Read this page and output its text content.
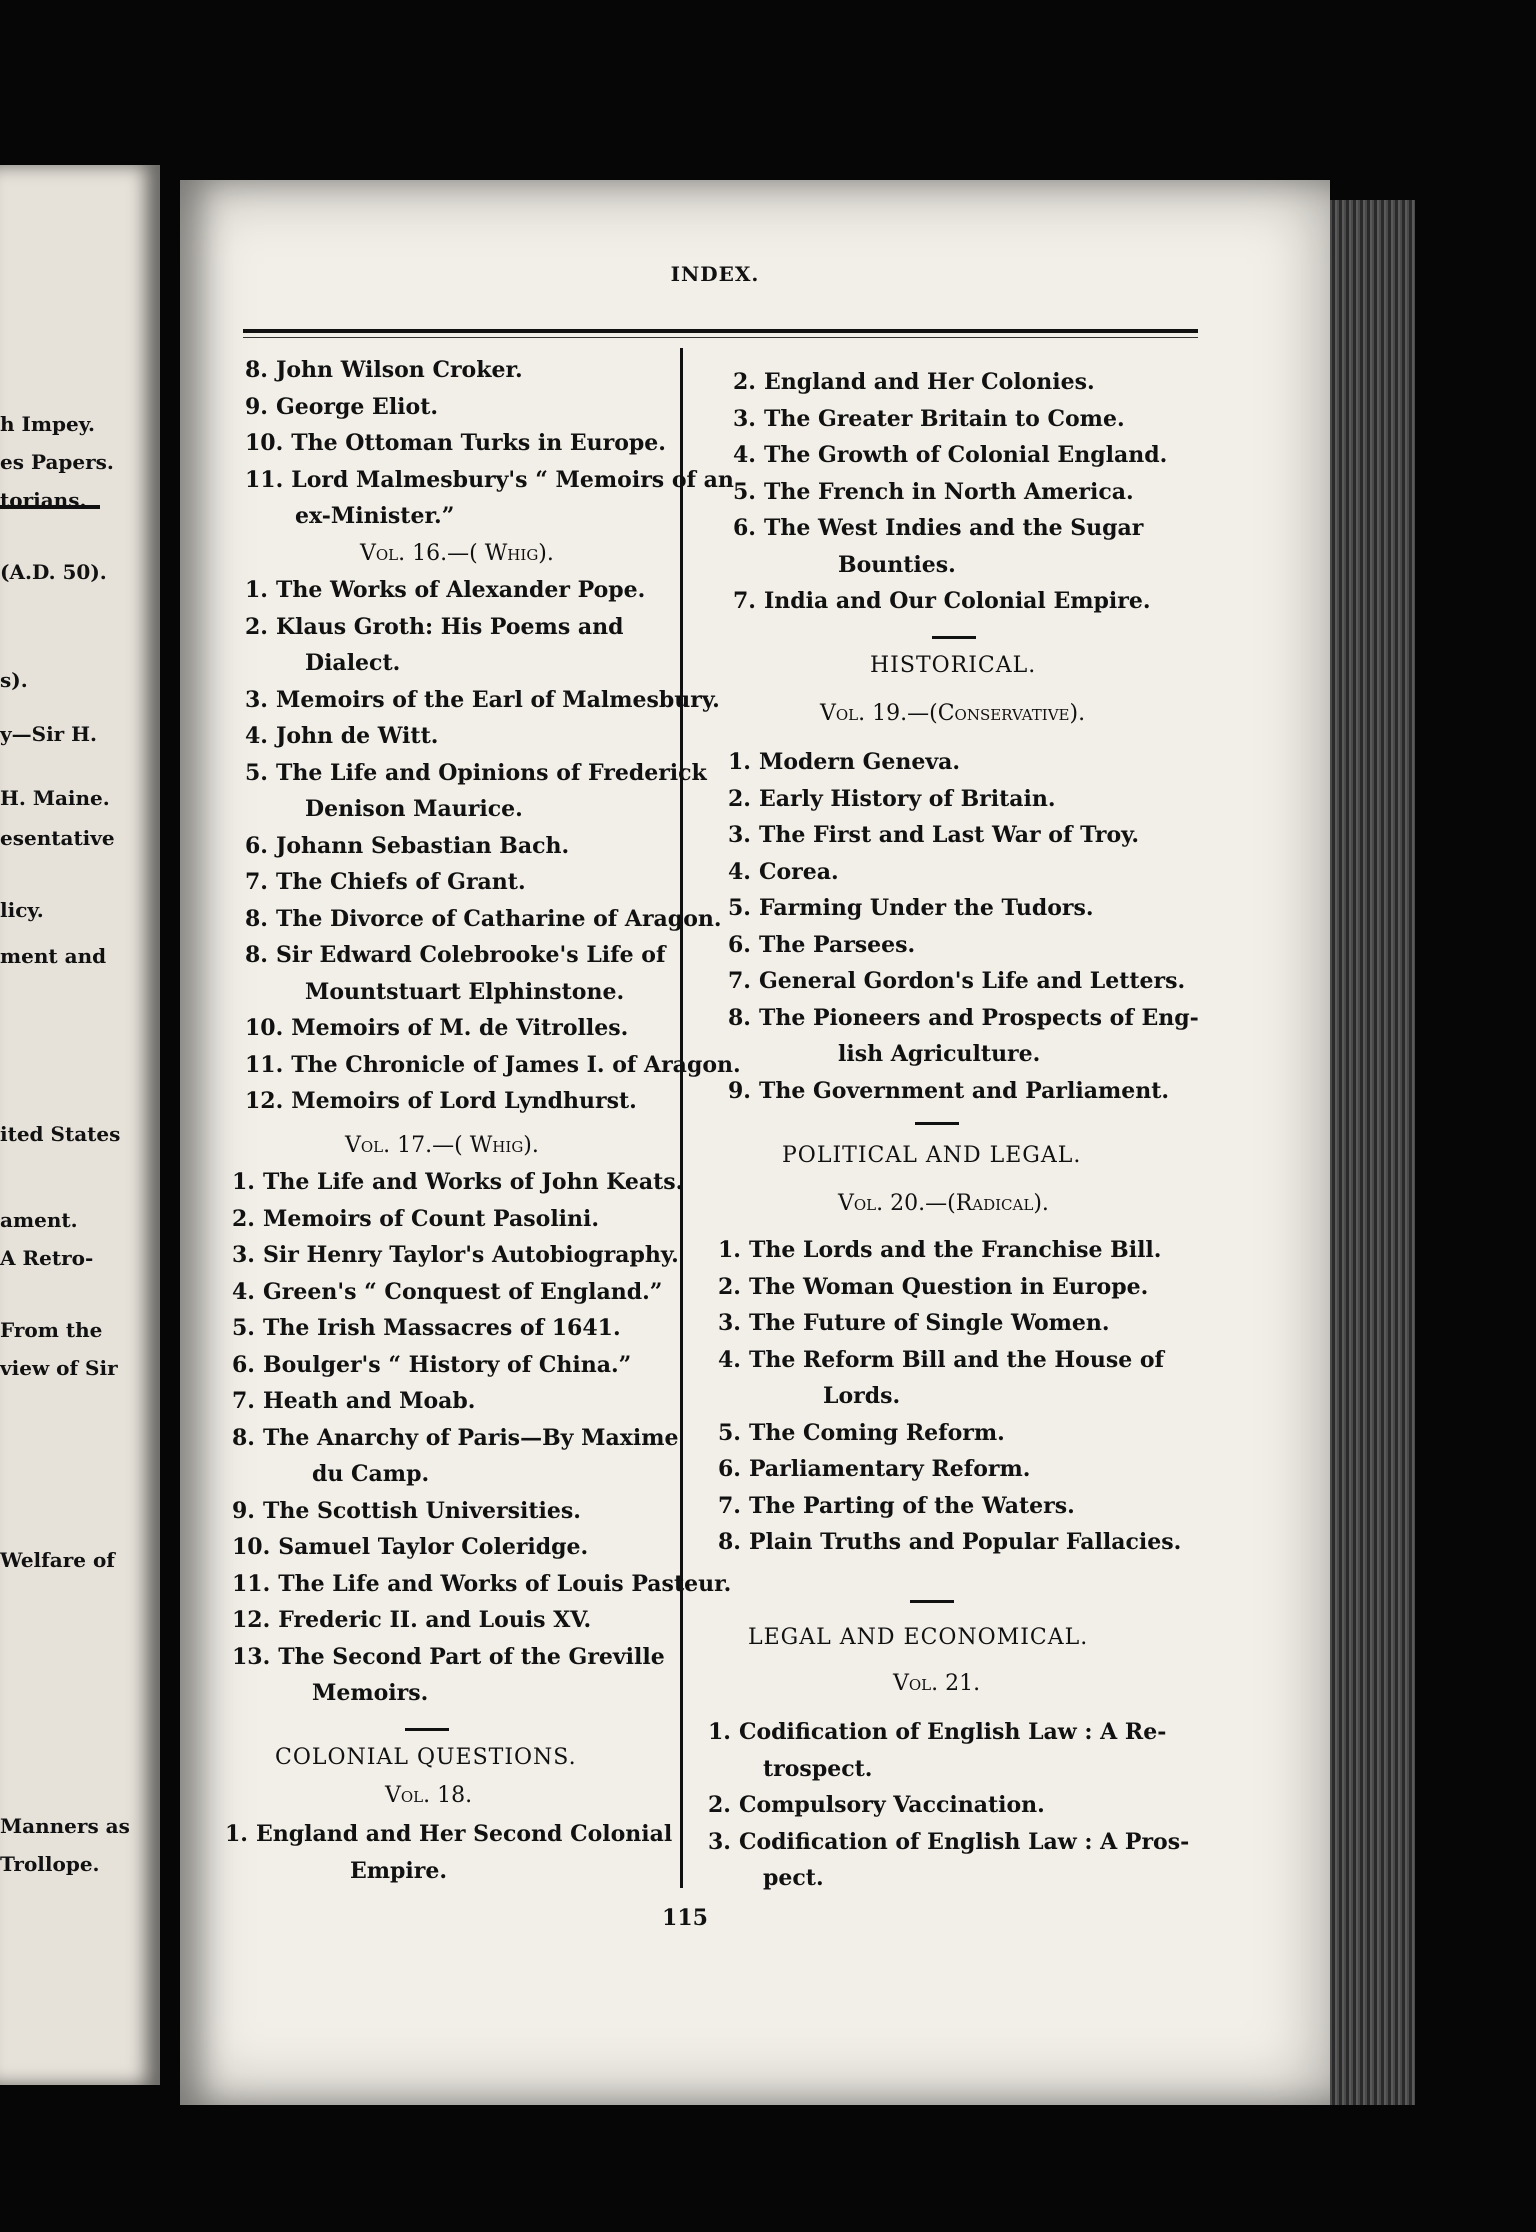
h Impey.
es Papers.
torians.
(A.D. 50).
s).
y—Sir H.
H. Maine.
esentative
licy.
ment and
ited States
ament.
A Retro-
From the
view of Sir
Welfare of
Manners as
Trollope.
INDEX.
Vol. 16.—( Whig).
Vol. 17.—( Whig).
COLONIAL QUESTIONS.
Vol. 18.
HISTORICAL.
Vol. 19.—(Conservative).
POLITICAL AND LEGAL.
Vol. 20.—(Radical).
LEGAL AND ECONOMICAL.
Vol. 21.
115
8. John Wilson Croker.
9. George Eliot.
10. The Ottoman Turks in Europe.
11. Lord Malmesbury's “ Memoirs of an
ex-Minister.”
1. The Works of Alexander Pope.
2. Klaus Groth: His Poems and
Dialect.
3. Memoirs of the Earl of Malmesbury.
4. John de Witt.
5. The Life and Opinions of Frederick
Denison Maurice.
6. Johann Sebastian Bach.
7. The Chiefs of Grant.
8. The Divorce of Catharine of Aragon.
8. Sir Edward Colebrooke's Life of
Mountstuart Elphinstone.
10. Memoirs of M. de Vitrolles.
11. The Chronicle of James I. of Aragon.
12. Memoirs of Lord Lyndhurst.
1. The Life and Works of John Keats.
2. Memoirs of Count Pasolini.
3. Sir Henry Taylor's Autobiography.
4. Green's “ Conquest of England.”
5. The Irish Massacres of 1641.
6. Boulger's “ History of China.”
7. Heath and Moab.
8. The Anarchy of Paris—By Maxime
du Camp.
9. The Scottish Universities.
10. Samuel Taylor Coleridge.
11. The Life and Works of Louis Pasteur.
12. Frederic II. and Louis XV.
13. The Second Part of the Greville
Memoirs.
1. England and Her Second Colonial
Empire.
2. England and Her Colonies.
3. The Greater Britain to Come.
4. The Growth of Colonial England.
5. The French in North America.
6. The West Indies and the Sugar
Bounties.
7. India and Our Colonial Empire.
1. Modern Geneva.
2. Early History of Britain.
3. The First and Last War of Troy.
4. Corea.
5. Farming Under the Tudors.
6. The Parsees.
7. General Gordon's Life and Letters.
8. The Pioneers and Prospects of Eng-
lish Agriculture.
9. The Government and Parliament.
1. The Lords and the Franchise Bill.
2. The Woman Question in Europe.
3. The Future of Single Women.
4. The Reform Bill and the House of
Lords.
5. The Coming Reform.
6. Parliamentary Reform.
7. The Parting of the Waters.
8. Plain Truths and Popular Fallacies.
1. Codification of English Law : A Re-
trospect.
2. Compulsory Vaccination.
3. Codification of English Law : A Pros-
pect.
